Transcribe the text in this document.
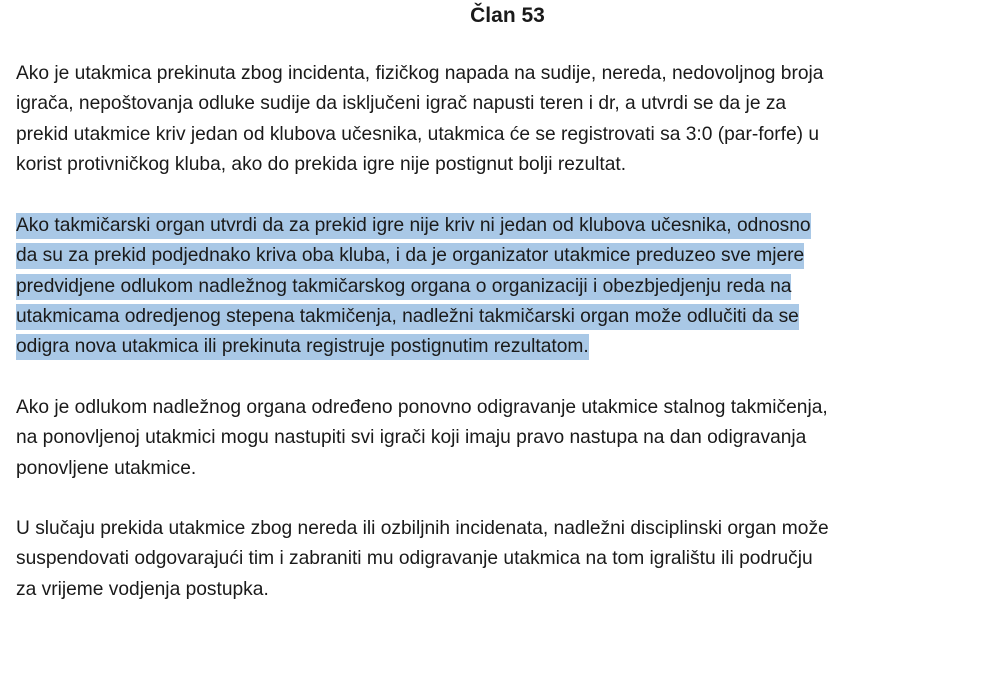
Član 53

Ako je utakmica prekinuta zbog incidenta, fizičkog napada na sudije, nereda, nedovoljnog broja
igrača, nepoštovanja odluke sudije da isključeni igrač napusti teren i dr, a utvrdi se da je za
prekid utakmice kriv jedan od klubova učesnika, utakmica će se registrovati sa 3:0 (par-forfe) u
korist protivničkog kluba, ako do prekida igre nije postignut bolji rezultat.

Ako takmičarski organ utvrdi da za prekid igre nije kriv ni jedan od klubova učesnika, odnosno
da su za prekid podjednako kriva oba kluba, i da je organizator utakmice preduzeo sve mjere
predvidjene odlukom nadležnog takmičarskog organa o organizaciji i obezbjedjenju reda na
utakmicama odredjenog stepena takmičenja, nadležni takmičarski organ može odlučiti da se
odigra nova utakmica ili prekinuta registruje postignutim rezultatom.

Ako je odlukom nadležnog organa određeno ponovno odigravanje utakmice stalnog takmičenja,
na ponovljenoj utakmici mogu nastupiti svi igrači koji imaju pravo nastupa na dan odigravanja
ponovljene utakmice.

U slučaju prekida utakmice zbog nereda ili ozbiljnih incidenata, nadležni disciplinski organ može
suspendovati odgovarajući tim i zabraniti mu odigravanje utakmica na tom igralištu ili području
za vrijeme vodjenja postupka.
